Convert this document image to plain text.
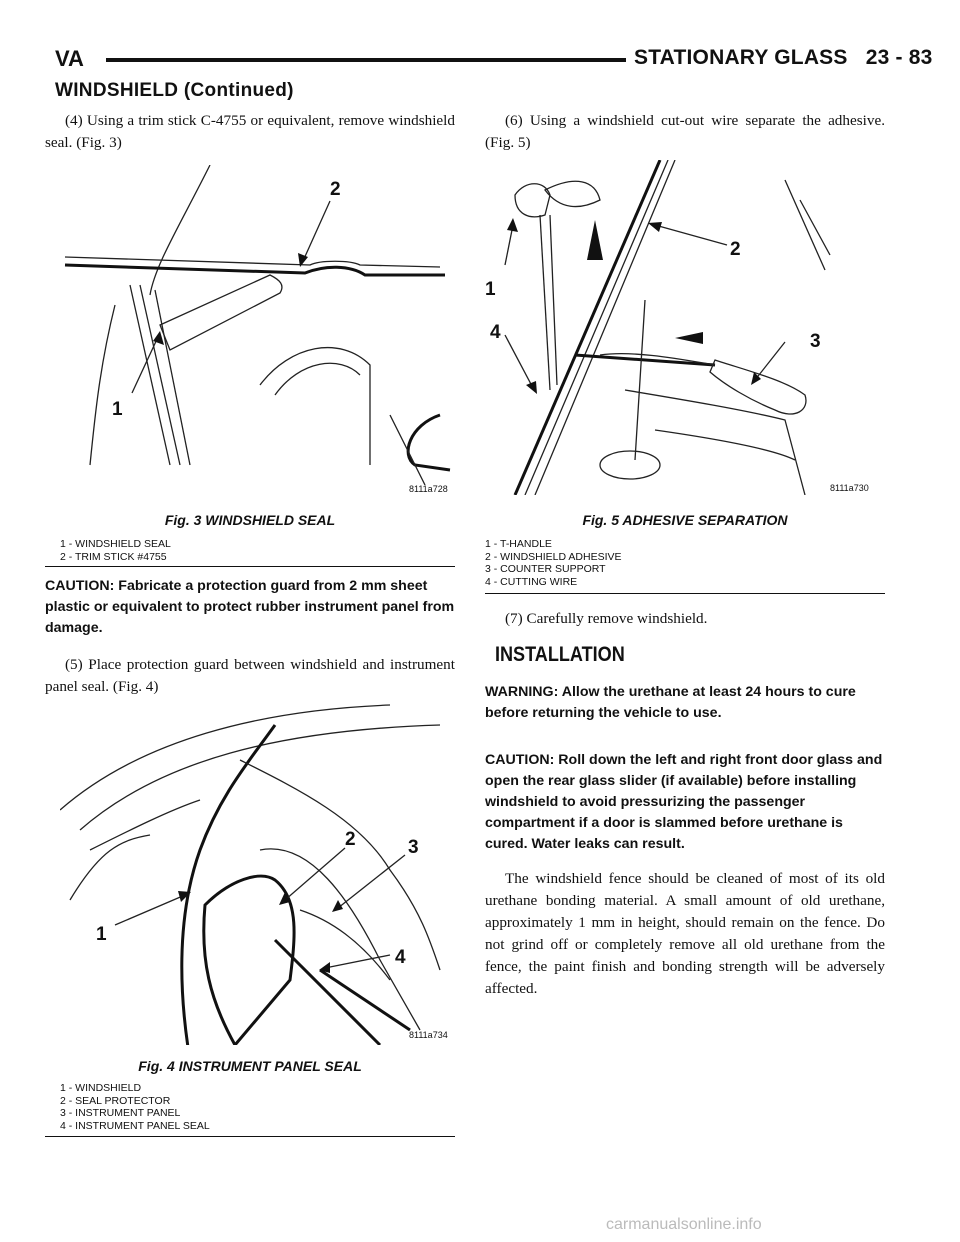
VA	STATIONARY GLASS 23 - 83
WINDSHIELD (Continued)
(4) Using a trim stick C-4755 or equivalent, remove windshield seal. (Fig. 3)
2
1
8111a728
Fig. 3 WINDSHIELD SEAL
1 - WINDSHIELD SEAL
2 - TRIM STICK #4755
CAUTION: Fabricate a protection guard from 2 mm sheet plastic or equivalent to protect rubber instrument panel from damage.
(5) Place protection guard between windshield and instrument panel seal. (Fig. 4)
2	3
1
4
8111a734
Fig. 4 INSTRUMENT PANEL SEAL
1 - WINDSHIELD
2 - SEAL PROTECTOR
3 - INSTRUMENT PANEL
4 - INSTRUMENT PANEL SEAL
(6) Using a windshield cut-out wire separate the adhesive. (Fig. 5)
1
2
3
4
8111a730
Fig. 5 ADHESIVE SEPARATION
1 - T-HANDLE
2 - WINDSHIELD ADHESIVE
3 - COUNTER SUPPORT
4 - CUTTING WIRE
(7) Carefully remove windshield.
INSTALLATION
WARNING: Allow the urethane at least 24 hours to cure before returning the vehicle to use.
CAUTION: Roll down the left and right front door glass and open the rear glass slider (if available) before installing windshield to avoid pressurizing the passenger compartment if a door is slammed before urethane is cured. Water leaks can result.
The windshield fence should be cleaned of most of its old urethane bonding material. A small amount of old urethane, approximately 1 mm in height, should remain on the fence. Do not grind off or completely remove all old urethane from the fence, the paint finish and bonding strength will be adversely affected.
carmanualsonline.info
